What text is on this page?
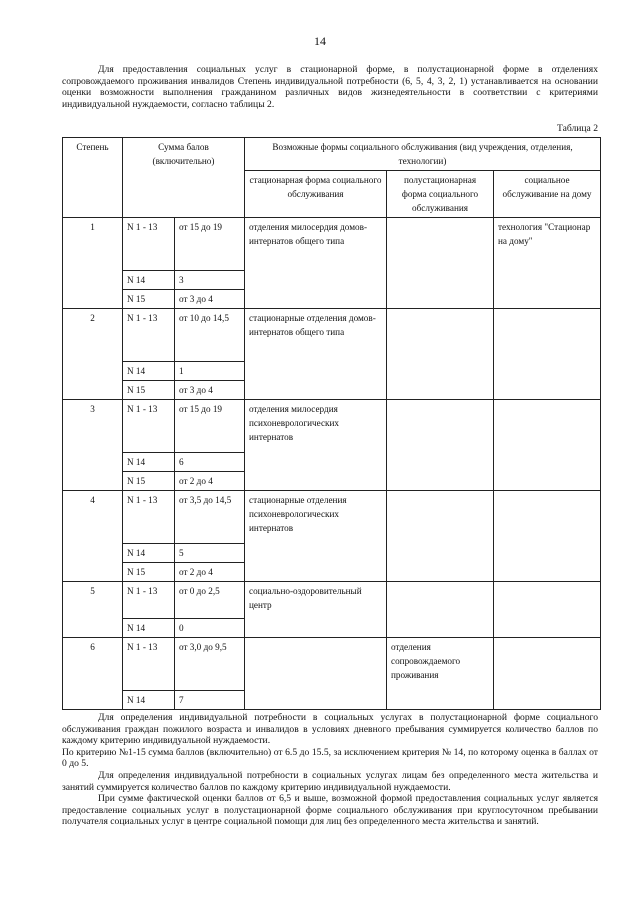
14
Для предоставления социальных услуг в стационарной форме, в полустационарной форме в отделениях сопровождаемого проживания инвалидов Степень индивидуальной потребности (6, 5, 4, 3, 2, 1) устанавливается на основании оценки возможности выполнения гражданином различных видов жизнедеятельности в соответствии с критериями индивидуальной нуждаемости, согласно таблицы 2.
Таблица 2
Степень	Сумма балов (включительно)		Возможные формы социального обслуживания (вид учреждения, отделения, технологии)		
			стационарная форма социального обслуживания	полустационарная форма социального обслуживания	социальное обслуживание на дому
1	N 1 - 13	от 15 до 19	отделения милосердия домов-интернатов общего типа		технология "Стационар на дому"
	N 14	3			
	N 15	от 3 до 4			
2	N 1 - 13	от 10 до 14,5	стационарные отделения домов-интернатов общего типа		
	N 14	1			
	N 15	от 3 до 4			
3	N 1 - 13	от 15 до 19	отделения милосердия психоневрологических интернатов		
	N 14	6			
	N 15	от 2 до 4			
4	N 1 - 13	от 3,5 до 14,5	стационарные отделения психоневрологических интернатов		
	N 14	5			
	N 15	от 2 до 4			
5	N 1 - 13	от 0 до 2,5	социально-оздоровительный центр		
	N 14	0			
6	N 1 - 13	от 3,0 до 9,5		отделения сопровождаемого проживания	
	N 14	7			
Для определения индивидуальной потребности в социальных услугах в полустационарной форме социального обслуживания граждан пожилого возраста и инвалидов в условиях дневного пребывания суммируется количество баллов по каждому критерию индивидуальной нуждаемости.
По критерию №1-15 сумма баллов (включительно) от 6.5 до 15.5, за исключением критерия № 14, по которому оценка в баллах от 0 до 5.
Для определения индивидуальной потребности в социальных услугах лицам без определенного места жительства и занятий суммируется количество баллов по каждому критерию индивидуальной нуждаемости.
При сумме фактической оценки баллов от 6,5 и выше, возможной формой предоставления социальных услуг является предоставление социальных услуг в полустационарной форме социального обслуживания при круглосуточном пребывании получателя социальных услуг в центре социальной помощи для лиц без определенного места жительства и занятий.
